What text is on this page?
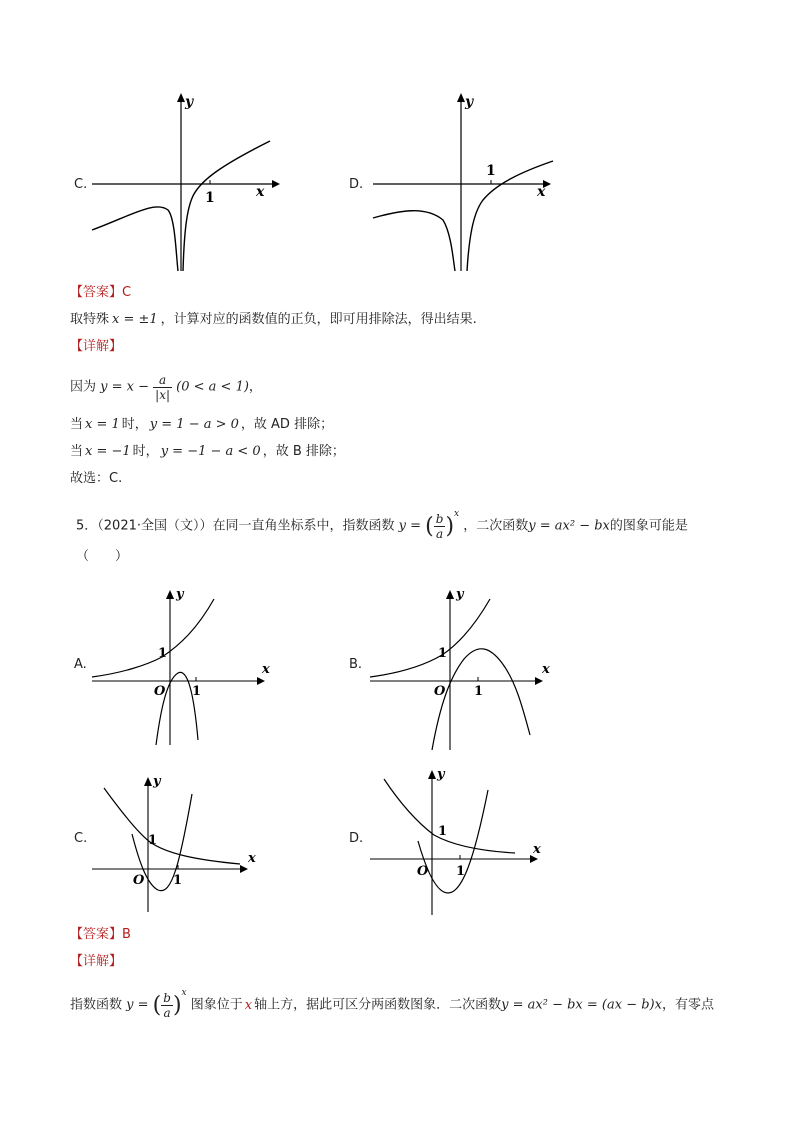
C.	x
y
1
D.	x
y
1
【答案】C
取特殊 x = ±1 ，计算对应的函数值的正负，即可用排除法，得出结果.
【详解】
因为 $y = x - \frac{a}{|x|} (0 < a < 1)$，
当 x = 1 时， y = 1 − a > 0 ，故 AD 排除；
当 x = −1 时， y = −1 − a < 0 ，故 B 排除；
故选：C.
5．（2021·全国（文））在同一直角坐标系中，指数函数 y = ( $\frac{b}{a} )^x$ ，二次函数y = ax² − bx的图象可能是
（　　）
A.	x
y
O 1
1
B.	x
y
O 1
1
C.
x
y
O 1
1	D.
x
y
O 1
1
【答案】B
【详解】
指数函数 y = ( $\frac{b}{a} )^x$ 图象位于 x 轴上方，据此可区分两函数图象．二次函数y = ax² − bx = (ax − b)x，有零点
